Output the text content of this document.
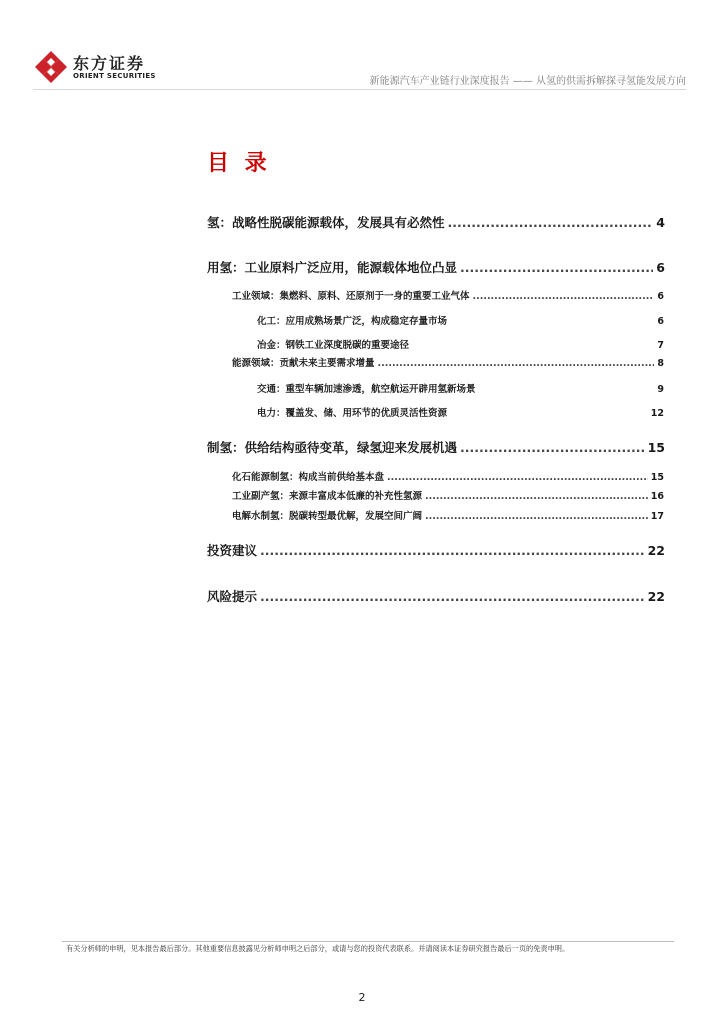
东方证券
ORIENT SECURITIES	新能源汽车产业链行业深度报告 —— 从氢的供需拆解探寻氢能发展方向
目 录
氢：战略性脱碳能源载体，发展具有必然性 .....	4
用氢：工业原料广泛应用，能源载体地位凸显 .....	6
工业领域：集燃料、原料、还原剂于一身的重要工业气体 .....	6
化工：应用成熟场景广泛，构成稳定存量市场	6
冶金：钢铁工业深度脱碳的重要途径	7
能源领域：贡献未来主要需求增量 .....	8
交通：重型车辆加速渗透，航空航运开辟用氢新场景	9
电力：覆盖发、储、用环节的优质灵活性资源	12
制氢：供给结构亟待变革，绿氢迎来发展机遇 .....	15
化石能源制氢：构成当前供给基本盘 .....	15
工业副产氢：来源丰富成本低廉的补充性氢源 .....	16
电解水制氢：脱碳转型最优解，发展空间广阔 .....	17
投资建议 .....	22
风险提示 .....	22
有关分析师的申明，见本报告最后部分。其他重要信息披露见分析师申明之后部分，或请与您的投资代表联系。并请阅读本证券研究报告最后一页的免责申明。
2
